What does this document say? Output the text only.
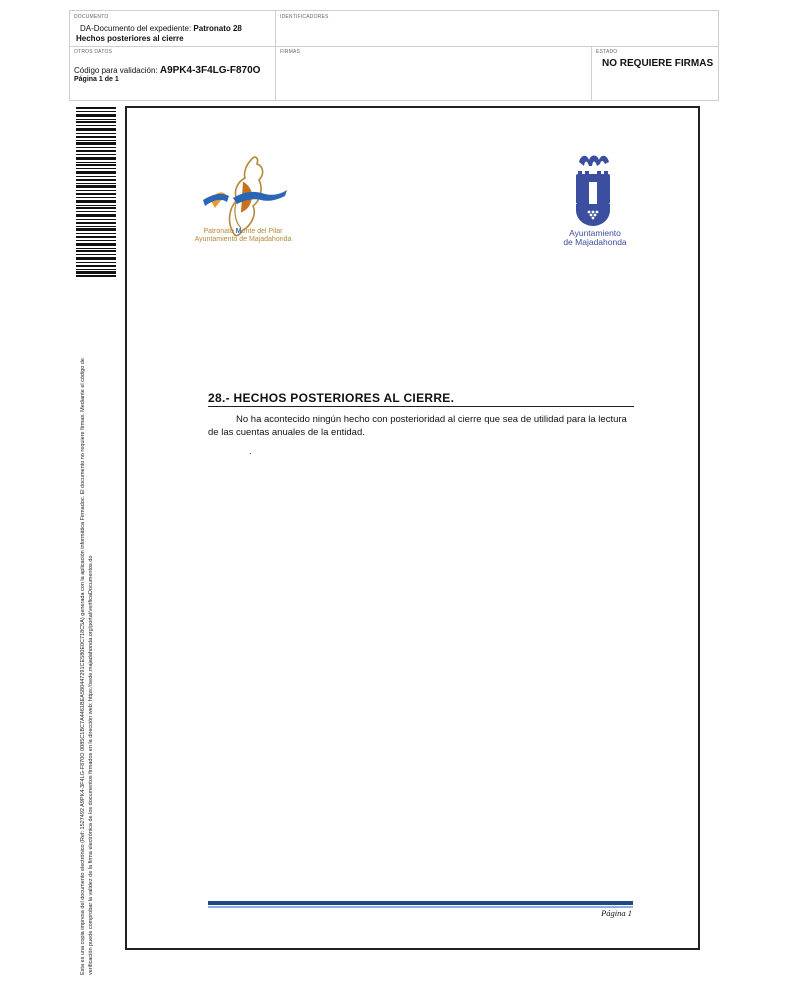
DOCUMENTO
DA-Documento del expediente: Patronato 28
Hechos posteriores al cierre
IDENTIFICADORES
OTROS DATOS
Código para validación: A9PK4-3F4LG-F870O
Página 1 de 1
FIRMAS	ESTADO
NO REQUIERE FIRMAS
Esta es una copia impresa del documento electrónico (Ref: 1527492 A9PK4-3F4LG-F870O 0085C1BC7A4461BEA580447291CE580E0C718C5A) generada con la aplicación informática Firmadoc. El documento no requiere firmas. Mediante el código de verificación puede comprobar la validez de la firma electrónica de los documentos firmados en la dirección web: https://sede.majadahonda.org/portal/verificaDocumentos.do
Patronato Monte del Pilar
Ayuntamiento de Majadahonda
Ayuntamiento
de Majadahonda
28.- HECHOS POSTERIORES AL CIERRE.
No ha acontecido ningún hecho con posterioridad al cierre que sea de utilidad para la lectura de las cuentas anuales de la entidad.
.
Página 1
